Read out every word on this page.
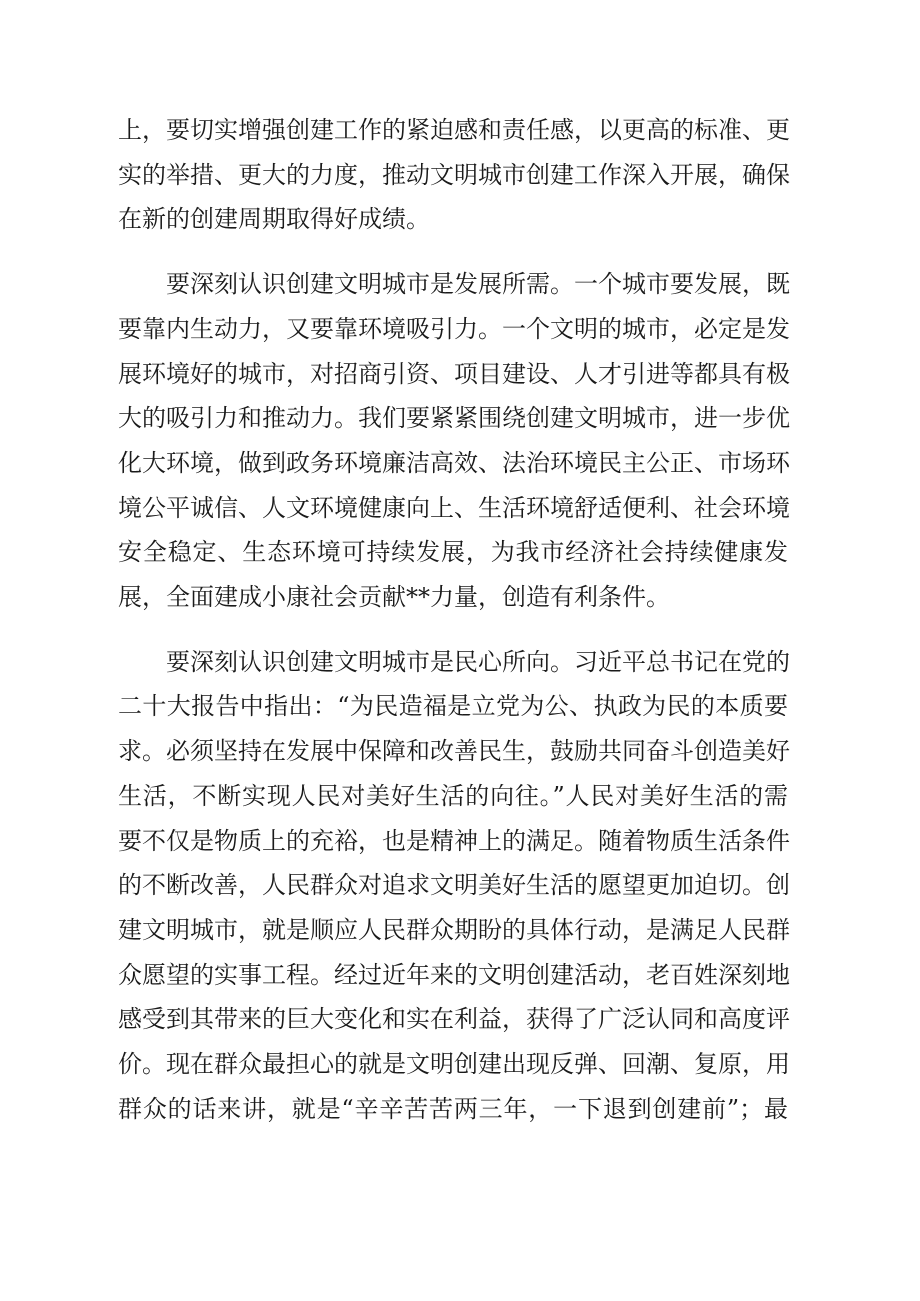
上，要切实增强创建工作的紧迫感和责任感，以更高的标准、更
实的举措、更大的力度，推动文明城市创建工作深入开展，确保
在新的创建周期取得好成绩。

要深刻认识创建文明城市是发展所需。一个城市要发展，既
要靠内生动力，又要靠环境吸引力。一个文明的城市，必定是发
展环境好的城市，对招商引资、项目建设、人才引进等都具有极
大的吸引力和推动力。我们要紧紧围绕创建文明城市，进一步优
化大环境，做到政务环境廉洁高效、法治环境民主公正、市场环
境公平诚信、人文环境健康向上、生活环境舒适便利、社会环境
安全稳定、生态环境可持续发展，为我市经济社会持续健康发
展，全面建成小康社会贡献**力量，创造有利条件。

要深刻认识创建文明城市是民心所向。习近平总书记在党的
二十大报告中指出：“为民造福是立党为公、执政为民的本质要
求。必须坚持在发展中保障和改善民生，鼓励共同奋斗创造美好
生活，不断实现人民对美好生活的向往。”人民对美好生活的需
要不仅是物质上的充裕，也是精神上的满足。随着物质生活条件
的不断改善，人民群众对追求文明美好生活的愿望更加迫切。创
建文明城市，就是顺应人民群众期盼的具体行动，是满足人民群
众愿望的实事工程。经过近年来的文明创建活动，老百姓深刻地
感受到其带来的巨大变化和实在利益，获得了广泛认同和高度评
价。现在群众最担心的就是文明创建出现反弹、回潮、复原，用
群众的话来讲，就是“辛辛苦苦两三年，一下退到创建前”；最
